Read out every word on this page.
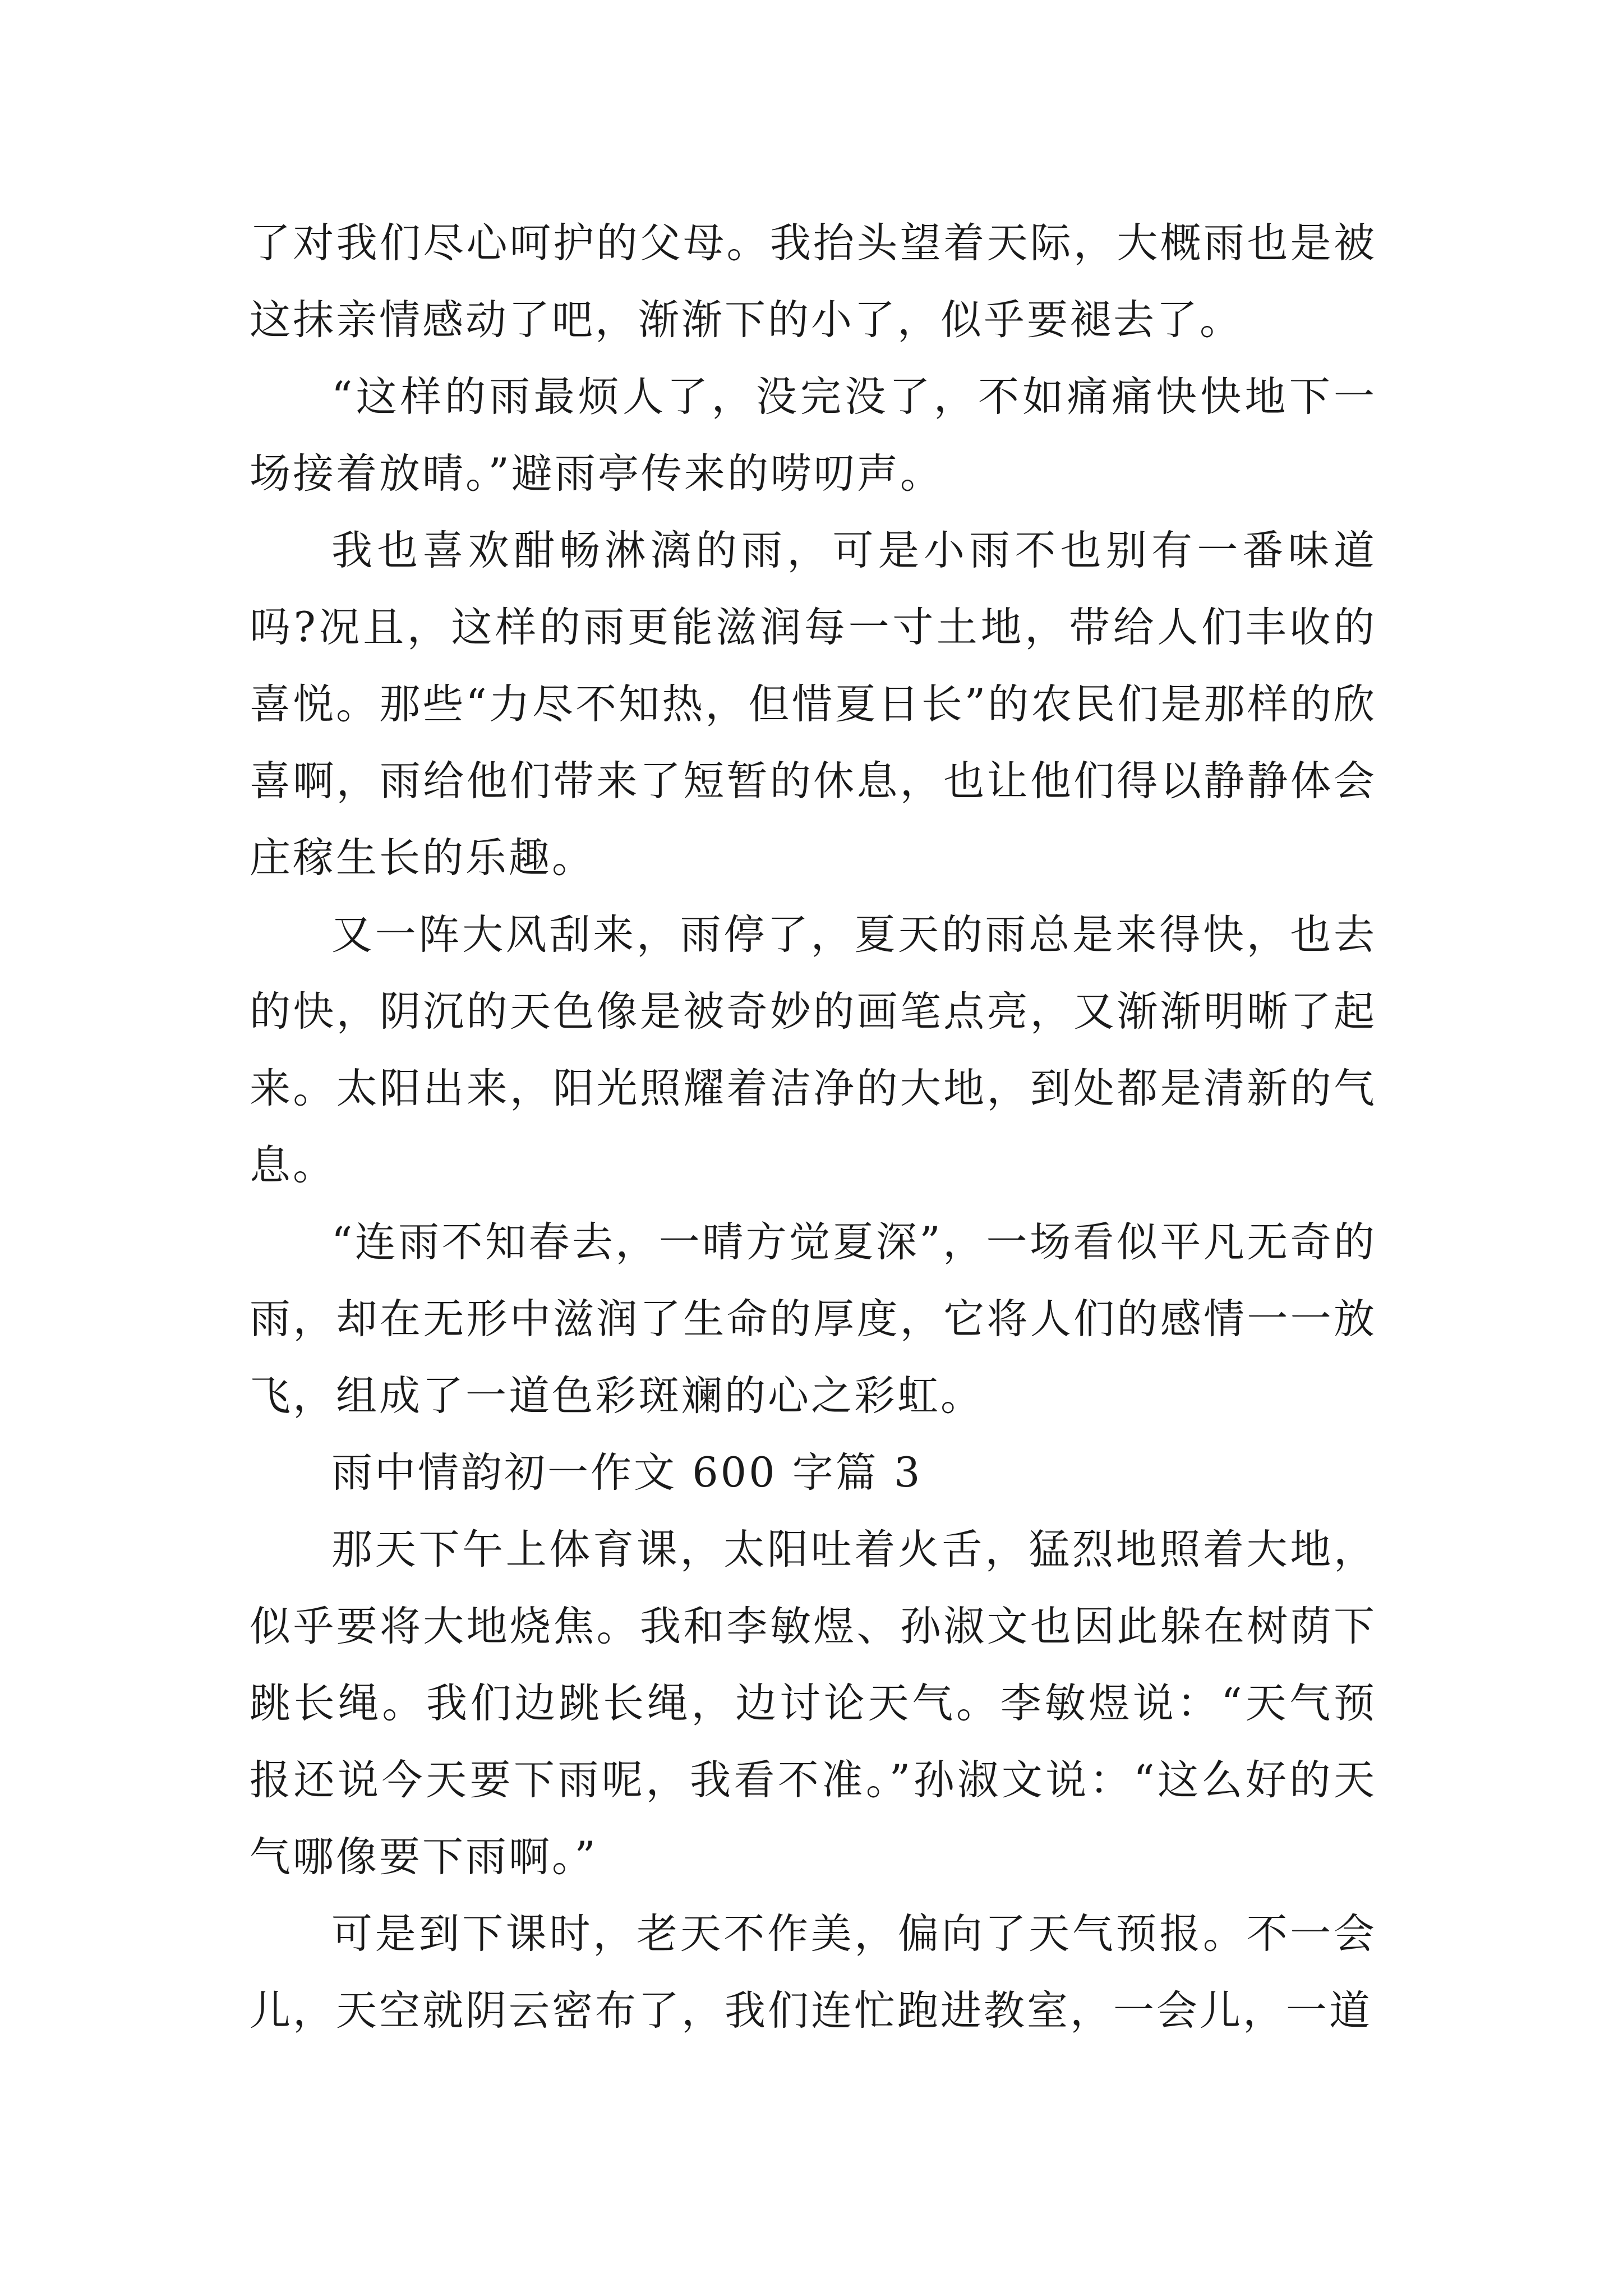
了对我们尽心呵护的父母。我抬头望着天际，大概雨也是被这抹亲情感动了吧，渐渐下的小了，似乎要褪去了。

“这样的雨最烦人了，没完没了，不如痛痛快快地下一场接着放晴。”避雨亭传来的唠叨声。

我也喜欢酣畅淋漓的雨，可是小雨不也别有一番味道吗?况且，这样的雨更能滋润每一寸土地，带给人们丰收的喜悦。那些“力尽不知热，但惜夏日长”的农民们是那样的欣喜啊，雨给他们带来了短暂的休息，也让他们得以静静体会庄稼生长的乐趣。

又一阵大风刮来，雨停了，夏天的雨总是来得快，也去的快，阴沉的天色像是被奇妙的画笔点亮，又渐渐明晰了起来。太阳出来，阳光照耀着洁净的大地，到处都是清新的气息。

“连雨不知春去，一晴方觉夏深”，一场看似平凡无奇的雨，却在无形中滋润了生命的厚度，它将人们的感情一一放飞，组成了一道色彩斑斓的心之彩虹。

雨中情韵初一作文 600 字篇 3

那天下午上体育课，太阳吐着火舌，猛烈地照着大地，似乎要将大地烧焦。我和李敏煜、孙淑文也因此躲在树荫下跳长绳。我们边跳长绳，边讨论天气。李敏煜说：“天气预报还说今天要下雨呢，我看不准。”孙淑文说：“这么好的天气哪像要下雨啊。”

可是到下课时，老天不作美，偏向了天气预报。不一会儿，天空就阴云密布了，我们连忙跑进教室，一会儿，一道
